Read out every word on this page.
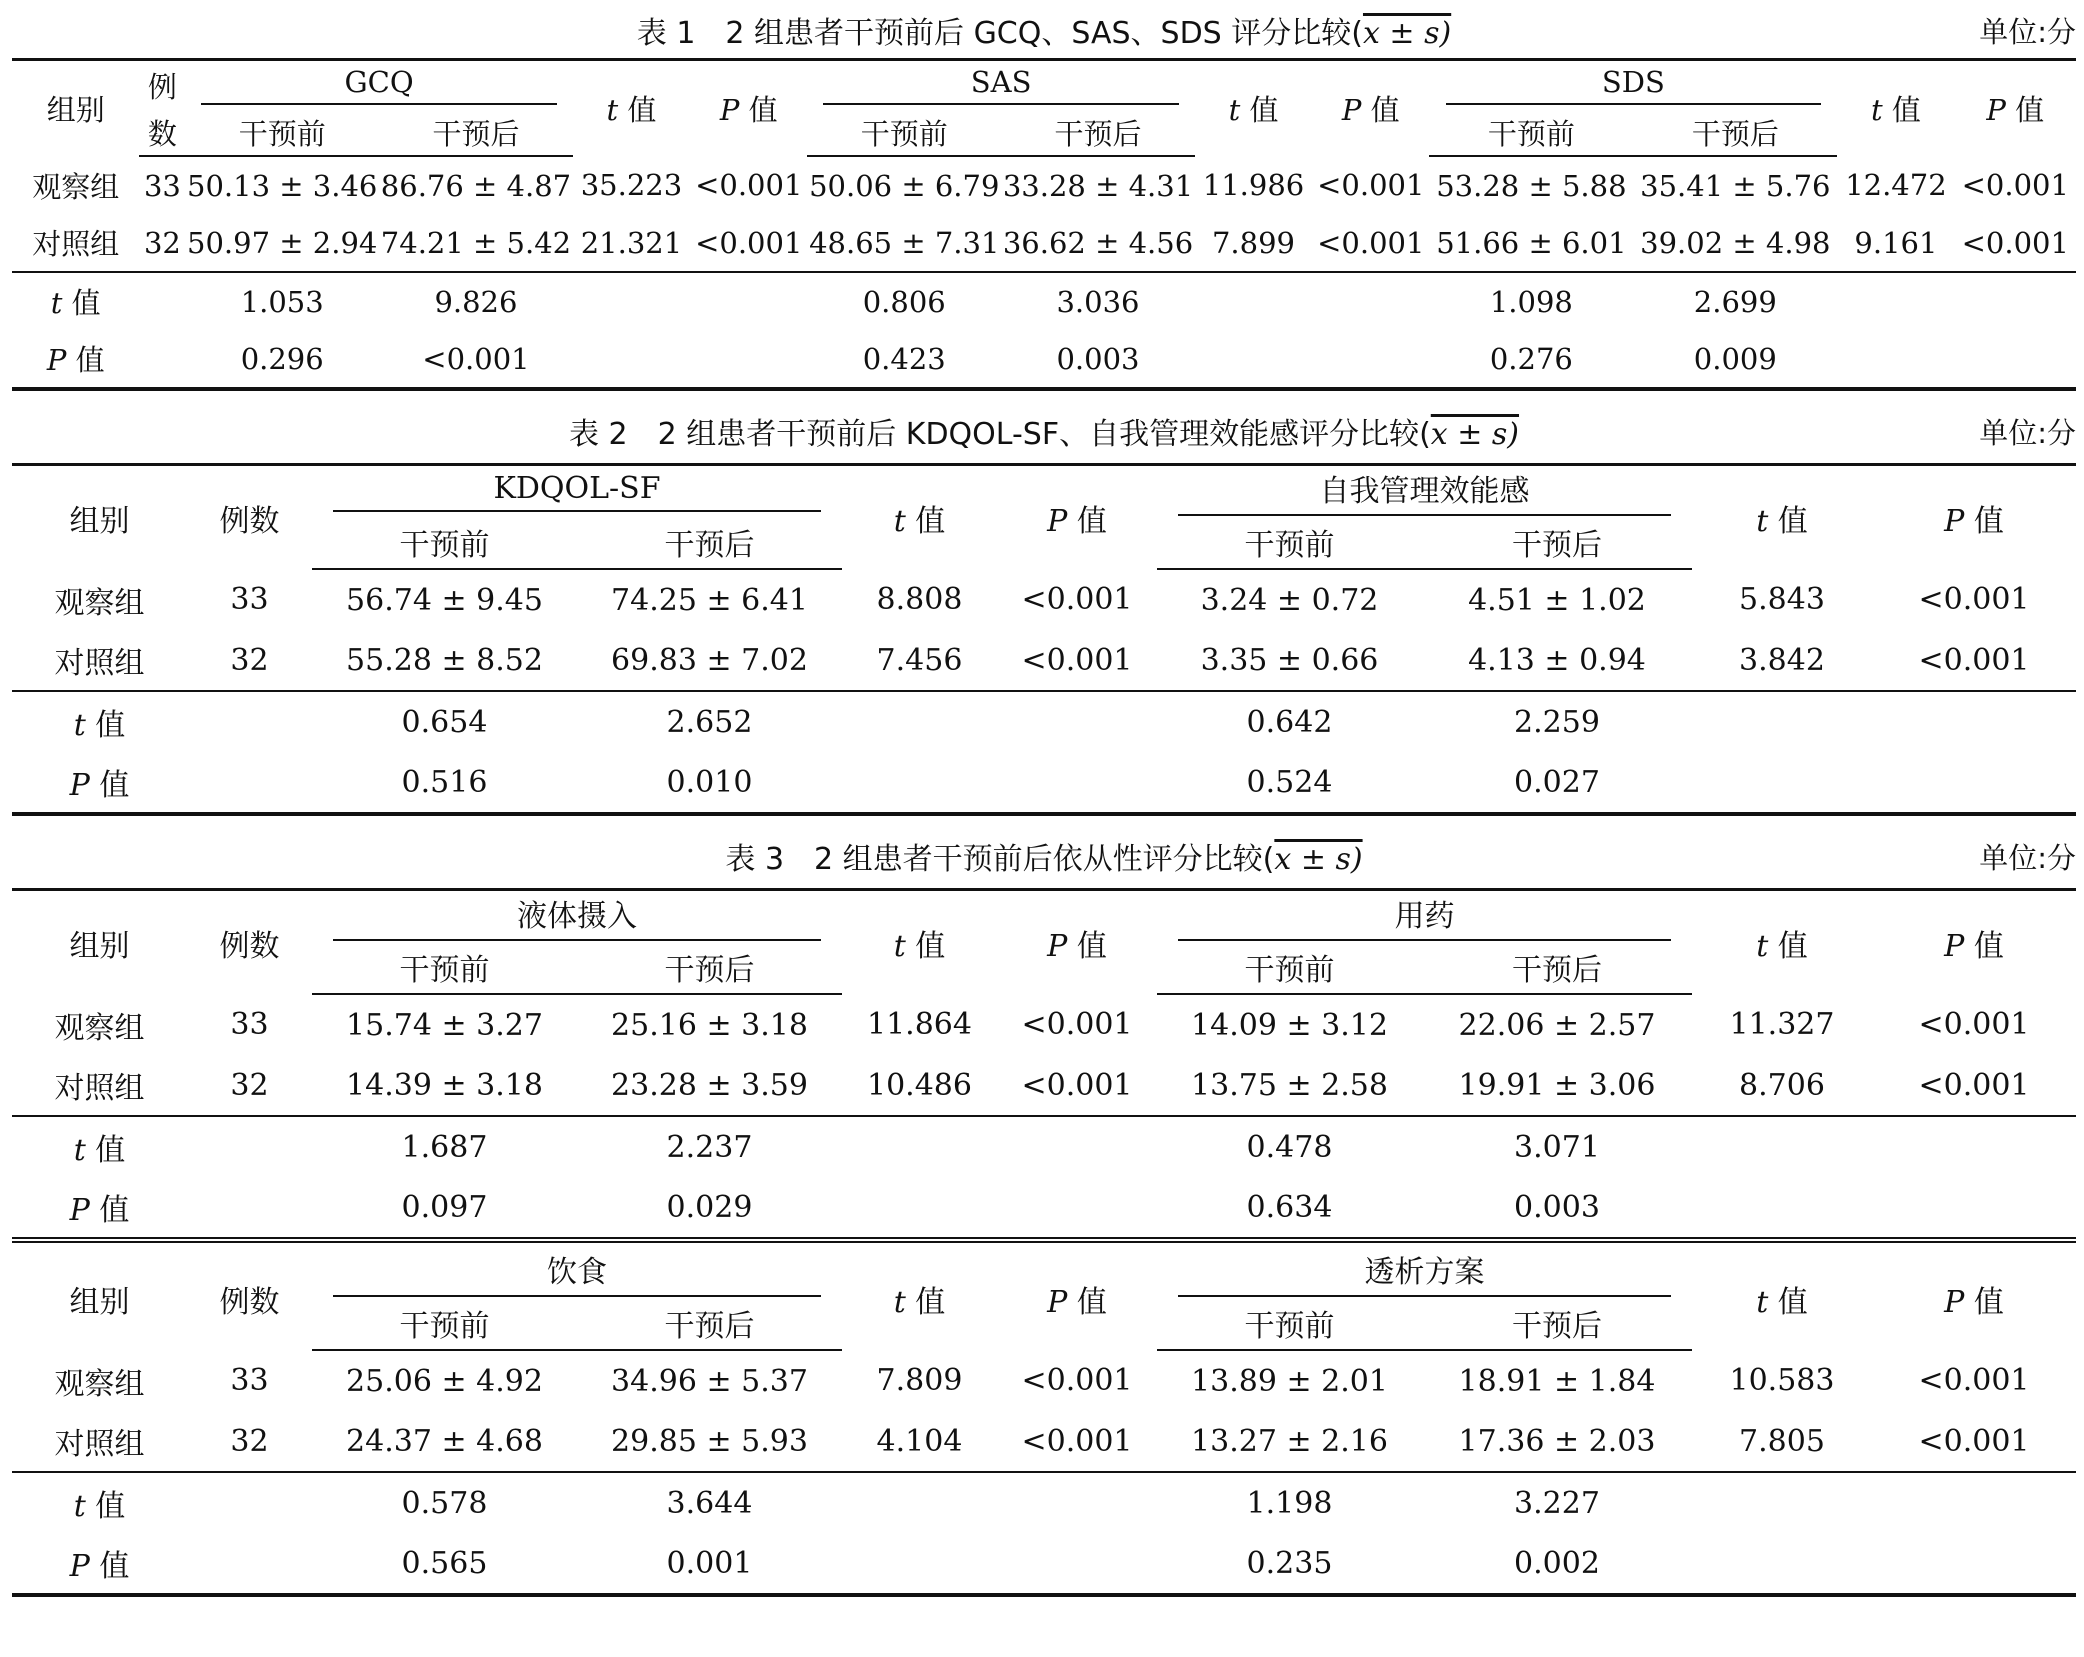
表 1　2 组患者干预前后 GCQ、SAS、SDS 评分比较(x ± s)	单位:分
组别	例	GCQ		t 值	P 值	SAS		t 值	P 值	SDS		t 值	P 值
	数	干预前	干预后			干预前	干预后			干预前	干预后		
观察组	33	50.13 ± 3.46	86.76 ± 4.87	35.223	<0.001	50.06 ± 6.79	33.28 ± 4.31	11.986	<0.001	53.28 ± 5.88	35.41 ± 5.76	12.472	<0.001
对照组	32	50.97 ± 2.94	74.21 ± 5.42	21.321	<0.001	48.65 ± 7.31	36.62 ± 4.56	7.899	<0.001	51.66 ± 6.01	39.02 ± 4.98	9.161	<0.001
t 值		1.053	9.826			0.806	3.036			1.098	2.699		
P 值		0.296	<0.001			0.423	0.003			0.276	0.009		
表 2　2 组患者干预前后 KDQOL-SF、自我管理效能感评分比较(x ± s)	单位:分
组别	例数	KDQOL-SF		t 值	P 值	自我管理效能感		t 值	P 值
		干预前	干预后			干预前	干预后		
观察组	33	56.74 ± 9.45	74.25 ± 6.41	8.808	<0.001	3.24 ± 0.72	4.51 ± 1.02	5.843	<0.001
对照组	32	55.28 ± 8.52	69.83 ± 7.02	7.456	<0.001	3.35 ± 0.66	4.13 ± 0.94	3.842	<0.001
t 值		0.654	2.652			0.642	2.259		
P 值		0.516	0.010			0.524	0.027		
表 3　2 组患者干预前后依从性评分比较(x ± s)	单位:分
组别	例数	液体摄入		t 值	P 值	用药		t 值	P 值
		干预前	干预后			干预前	干预后		
观察组	33	15.74 ± 3.27	25.16 ± 3.18	11.864	<0.001	14.09 ± 3.12	22.06 ± 2.57	11.327	<0.001
对照组	32	14.39 ± 3.18	23.28 ± 3.59	10.486	<0.001	13.75 ± 2.58	19.91 ± 3.06	8.706	<0.001
t 值		1.687	2.237			0.478	3.071		
P 值		0.097	0.029			0.634	0.003		
组别	例数	饮食		t 值	P 值	透析方案		t 值	P 值
		干预前	干预后			干预前	干预后		
观察组	33	25.06 ± 4.92	34.96 ± 5.37	7.809	<0.001	13.89 ± 2.01	18.91 ± 1.84	10.583	<0.001
对照组	32	24.37 ± 4.68	29.85 ± 5.93	4.104	<0.001	13.27 ± 2.16	17.36 ± 2.03	7.805	<0.001
t 值		0.578	3.644			1.198	3.227		
P 值		0.565	0.001			0.235	0.002		
